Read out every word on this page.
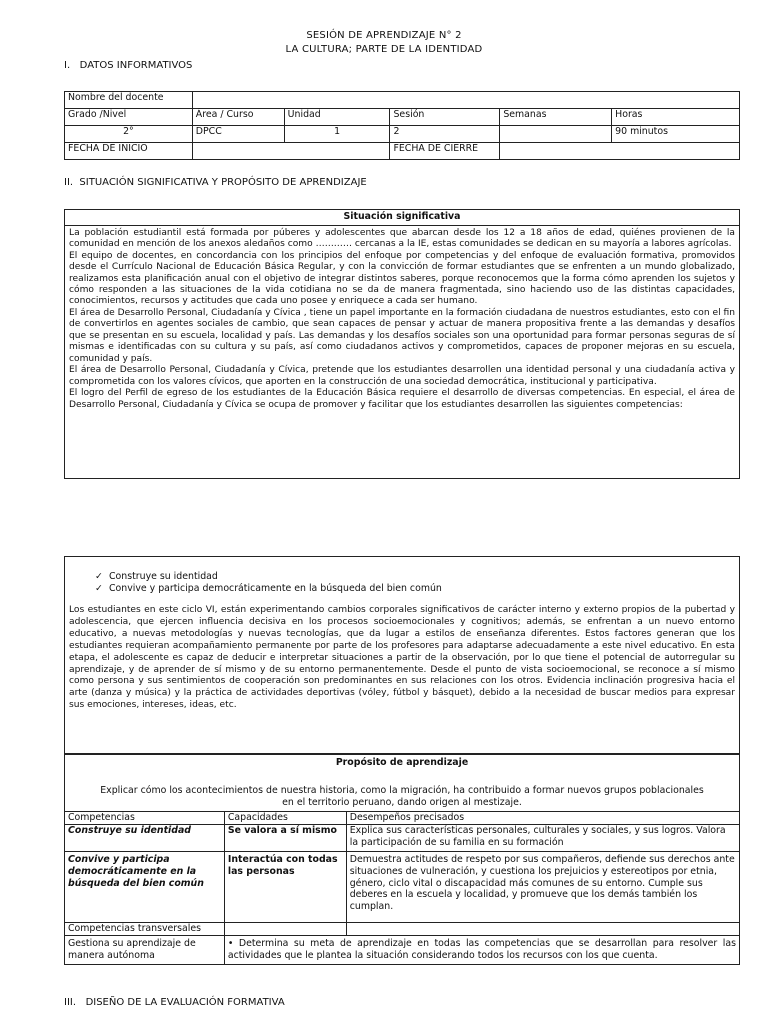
SESIÓN DE APRENDIZAJE N° 2
LA CULTURA; PARTE DE LA IDENTIDAD
I.   DATOS INFORMATIVOS
Nombre del docente					
Grado /Nivel	Área / Curso	Unidad	Sesión	Semanas	Horas
2°	DPCC	1	2		90 minutos
FECHA DE INICIO			FECHA DE CIERRE		
II.  SITUACIÓN SIGNIFICATIVA Y PROPÓSITO DE APRENDIZAJE
Situación significativa

La población estudiantil está formada por púberes y adolescentes que abarcan desde los 12 a 18 años de edad, quiénes provienen de la comunidad en mención de los anexos aledaños como ………… cercanas a la IE, estas comunidades se dedican en su mayoría a labores agrícolas.

El equipo de docentes, en concordancia con los principios del enfoque por competencias y del enfoque de evaluación formativa, promovidos desde el Currículo Nacional de Educación Básica Regular, y con la convicción de formar estudiantes que se enfrenten a un mundo globalizado, realizamos esta planificación anual con el objetivo de integrar distintos saberes, porque reconocemos que la forma cómo aprenden los sujetos y cómo responden a las situaciones de la vida cotidiana no se da de manera fragmentada, sino haciendo uso de las distintas capacidades, conocimientos, recursos y actitudes que cada uno posee y enriquece a cada ser humano.

El área de Desarrollo Personal, Ciudadanía y Cívica , tiene un papel importante en la formación ciudadana de nuestros estudiantes, esto con el fin de convertirlos en agentes sociales de cambio, que sean capaces de pensar y actuar de manera propositiva frente a las demandas y desafíos que se presentan en su escuela, localidad y país. Las demandas y los desafíos sociales son una oportunidad para formar personas seguras de sí mismas e identificadas con su cultura y su país, así como ciudadanos activos y comprometidos, capaces de proponer mejoras en su escuela, comunidad y país.

El área de Desarrollo Personal, Ciudadanía y Cívica, pretende que los estudiantes desarrollen una identidad personal y una ciudadanía activa y comprometida con los valores cívicos, que aporten en la construcción de una sociedad democrática, institucional y participativa.

El logro del Perfil de egreso de los estudiantes de la Educación Básica requiere el desarrollo de diversas competencias. En especial, el área de Desarrollo Personal, Ciudadanía y Cívica se ocupa de promover y facilitar que los estudiantes desarrollen las siguientes competencias:

✓ Construye su identidad
✓ Convive y participa democráticamente en la búsqueda del bien común
Los estudiantes en este ciclo VI, están experimentando cambios corporales significativos de carácter interno y externo propios de la pubertad y adolescencia, que ejercen influencia decisiva en los procesos socioemocionales y cognitivos; además, se enfrentan a un nuevo entorno educativo, a nuevas metodologías y nuevas tecnologías, que da lugar a estilos de enseñanza diferentes. Estos factores generan que los estudiantes requieran acompañamiento permanente por parte de los profesores para adaptarse adecuadamente a este nivel educativo. En esta etapa, el adolescente es capaz de deducir e interpretar situaciones a partir de la observación, por lo que tiene el potencial de autorregular su aprendizaje, y de aprender de sí mismo y de su entorno permanentemente. Desde el punto de vista socioemocional, se reconoce a sí mismo como persona y sus sentimientos de cooperación son predominantes en sus relaciones con los otros. Evidencia inclinación progresiva hacia el arte (danza y música) y la práctica de actividades deportivas (vóley, fútbol y básquet), debido a la necesidad de buscar medios para expresar sus emociones, intereses, ideas, etc.
Propósito de aprendizaje		
Explicar cómo los acontecimientos de nuestra historia, como la migración, ha contribuido a formar nuevos grupos poblacionales en el territorio peruano, dando origen al mestizaje.		
Competencias	Capacidades	Desempeños precisados
Construye su identidad	Se valora a sí mismo	Explica sus características personales, culturales y sociales, y sus logros. Valora la participación de su familia en su formación
Convive y participa democráticamente en la búsqueda del bien común	Interactúa con todas las personas	Demuestra actitudes de respeto por sus compañeros, defiende sus derechos ante situaciones de vulneración, y cuestiona los prejuicios y estereotipos por etnia, género, ciclo vital o discapacidad más comunes de su entorno. Cumple sus deberes en la escuela y localidad, y promueve que los demás también los cumplan.
Competencias transversales		
Gestiona su aprendizaje de manera autónoma	• Determina su meta de aprendizaje en todas las competencias que se desarrollan para resolver las actividades que le plantea la situación considerando todos los recursos con los que cuenta.	
III.   DISEÑO DE LA EVALUACIÓN FORMATIVA
